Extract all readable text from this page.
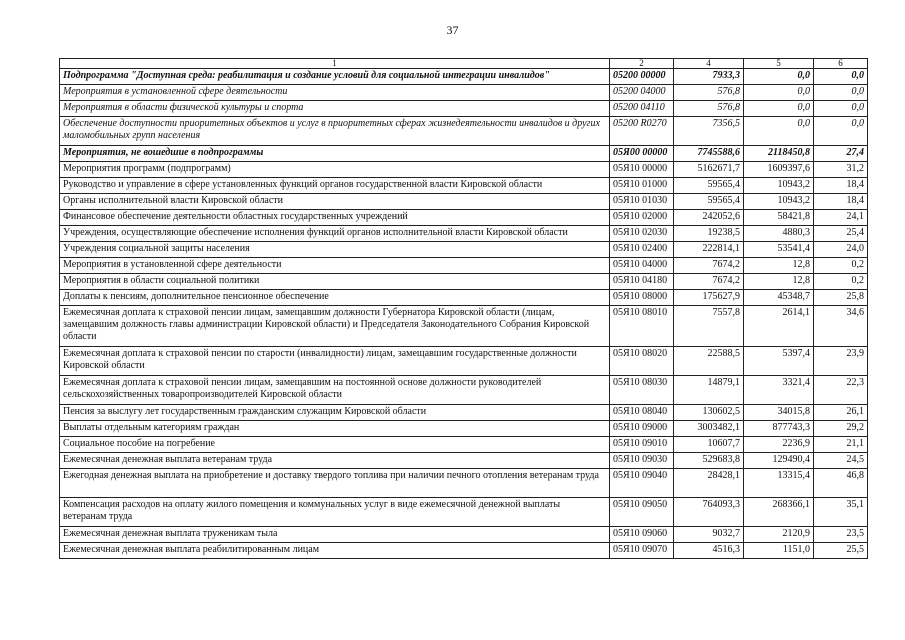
37
1	2	4	5	6
Подпрограмма "Доступная среда: реабилитация и создание условий для социальной интеграции инвалидов"	05200 00000	7933,3	0,0	0,0
Мероприятия в установленной сфере деятельности	05200 04000	576,8	0,0	0,0
Мероприятия в области физической культуры и спорта	05200 04110	576,8	0,0	0,0
Обеспечение доступности приоритетных объектов и услуг в приоритетных сферах жизнедеятельности инвалидов и других маломобильных групп населения	05200 R0270	7356,5	0,0	0,0
Мероприятия, не вошедшие в подпрограммы	05Я00 00000	7745588,6	2118450,8	27,4
Мероприятия программ (подпрограмм)	05Я10 00000	5162671,7	1609397,6	31,2
Руководство и управление в сфере установленных функций органов государственной власти Кировской области	05Я10 01000	59565,4	10943,2	18,4
Органы исполнительной власти Кировской области	05Я10 01030	59565,4	10943,2	18,4
Финансовое обеспечение деятельности областных государственных учреждений	05Я10 02000	242052,6	58421,8	24,1
Учреждения, осуществляющие обеспечение исполнения функций органов исполнительной власти Кировской области	05Я10 02030	19238,5	4880,3	25,4
Учреждения социальной защиты населения	05Я10 02400	222814,1	53541,4	24,0
Мероприятия в установленной сфере деятельности	05Я10 04000	7674,2	12,8	0,2
Мероприятия в области социальной политики	05Я10 04180	7674,2	12,8	0,2
Доплаты к пенсиям, дополнительное пенсионное обеспечение	05Я10 08000	175627,9	45348,7	25,8
Ежемесячная доплата к страховой пенсии лицам, замещавшим должности Губернатора Кировской области (лицам, замещавшим должность главы администрации Кировской области) и Председателя Законодательного Собрания Кировской области	05Я10 08010	7557,8	2614,1	34,6
Ежемесячная доплата к страховой пенсии по старости (инвалидности) лицам, замещавшим государственные должности Кировской области	05Я10 08020	22588,5	5397,4	23,9
Ежемесячная доплата к страховой пенсии лицам, замещавшим на постоянной основе должности руководителей сельскохозяйственных товаропроизводителей Кировской области	05Я10 08030	14879,1	3321,4	22,3
Пенсия за выслугу лет государственным гражданским служащим Кировской области	05Я10 08040	130602,5	34015,8	26,1
Выплаты отдельным категориям граждан	05Я10 09000	3003482,1	877743,3	29,2
Социальное пособие на погребение	05Я10 09010	10607,7	2236,9	21,1
Ежемесячная денежная выплата ветеранам труда	05Я10 09030	529683,8	129490,4	24,5
Ежегодная денежная выплата на приобретение и доставку твердого топлива при наличии печного отопления ветеранам труда	05Я10 09040	28428,1	13315,4	46,8
Компенсация расходов на оплату жилого помещения и коммунальных услуг в виде ежемесячной денежной выплаты ветеранам труда	05Я10 09050	764093,3	268366,1	35,1
Ежемесячная денежная выплата труженикам тыла	05Я10 09060	9032,7	2120,9	23,5
Ежемесячная денежная выплата реабилитированным лицам	05Я10 09070	4516,3	1151,0	25,5
